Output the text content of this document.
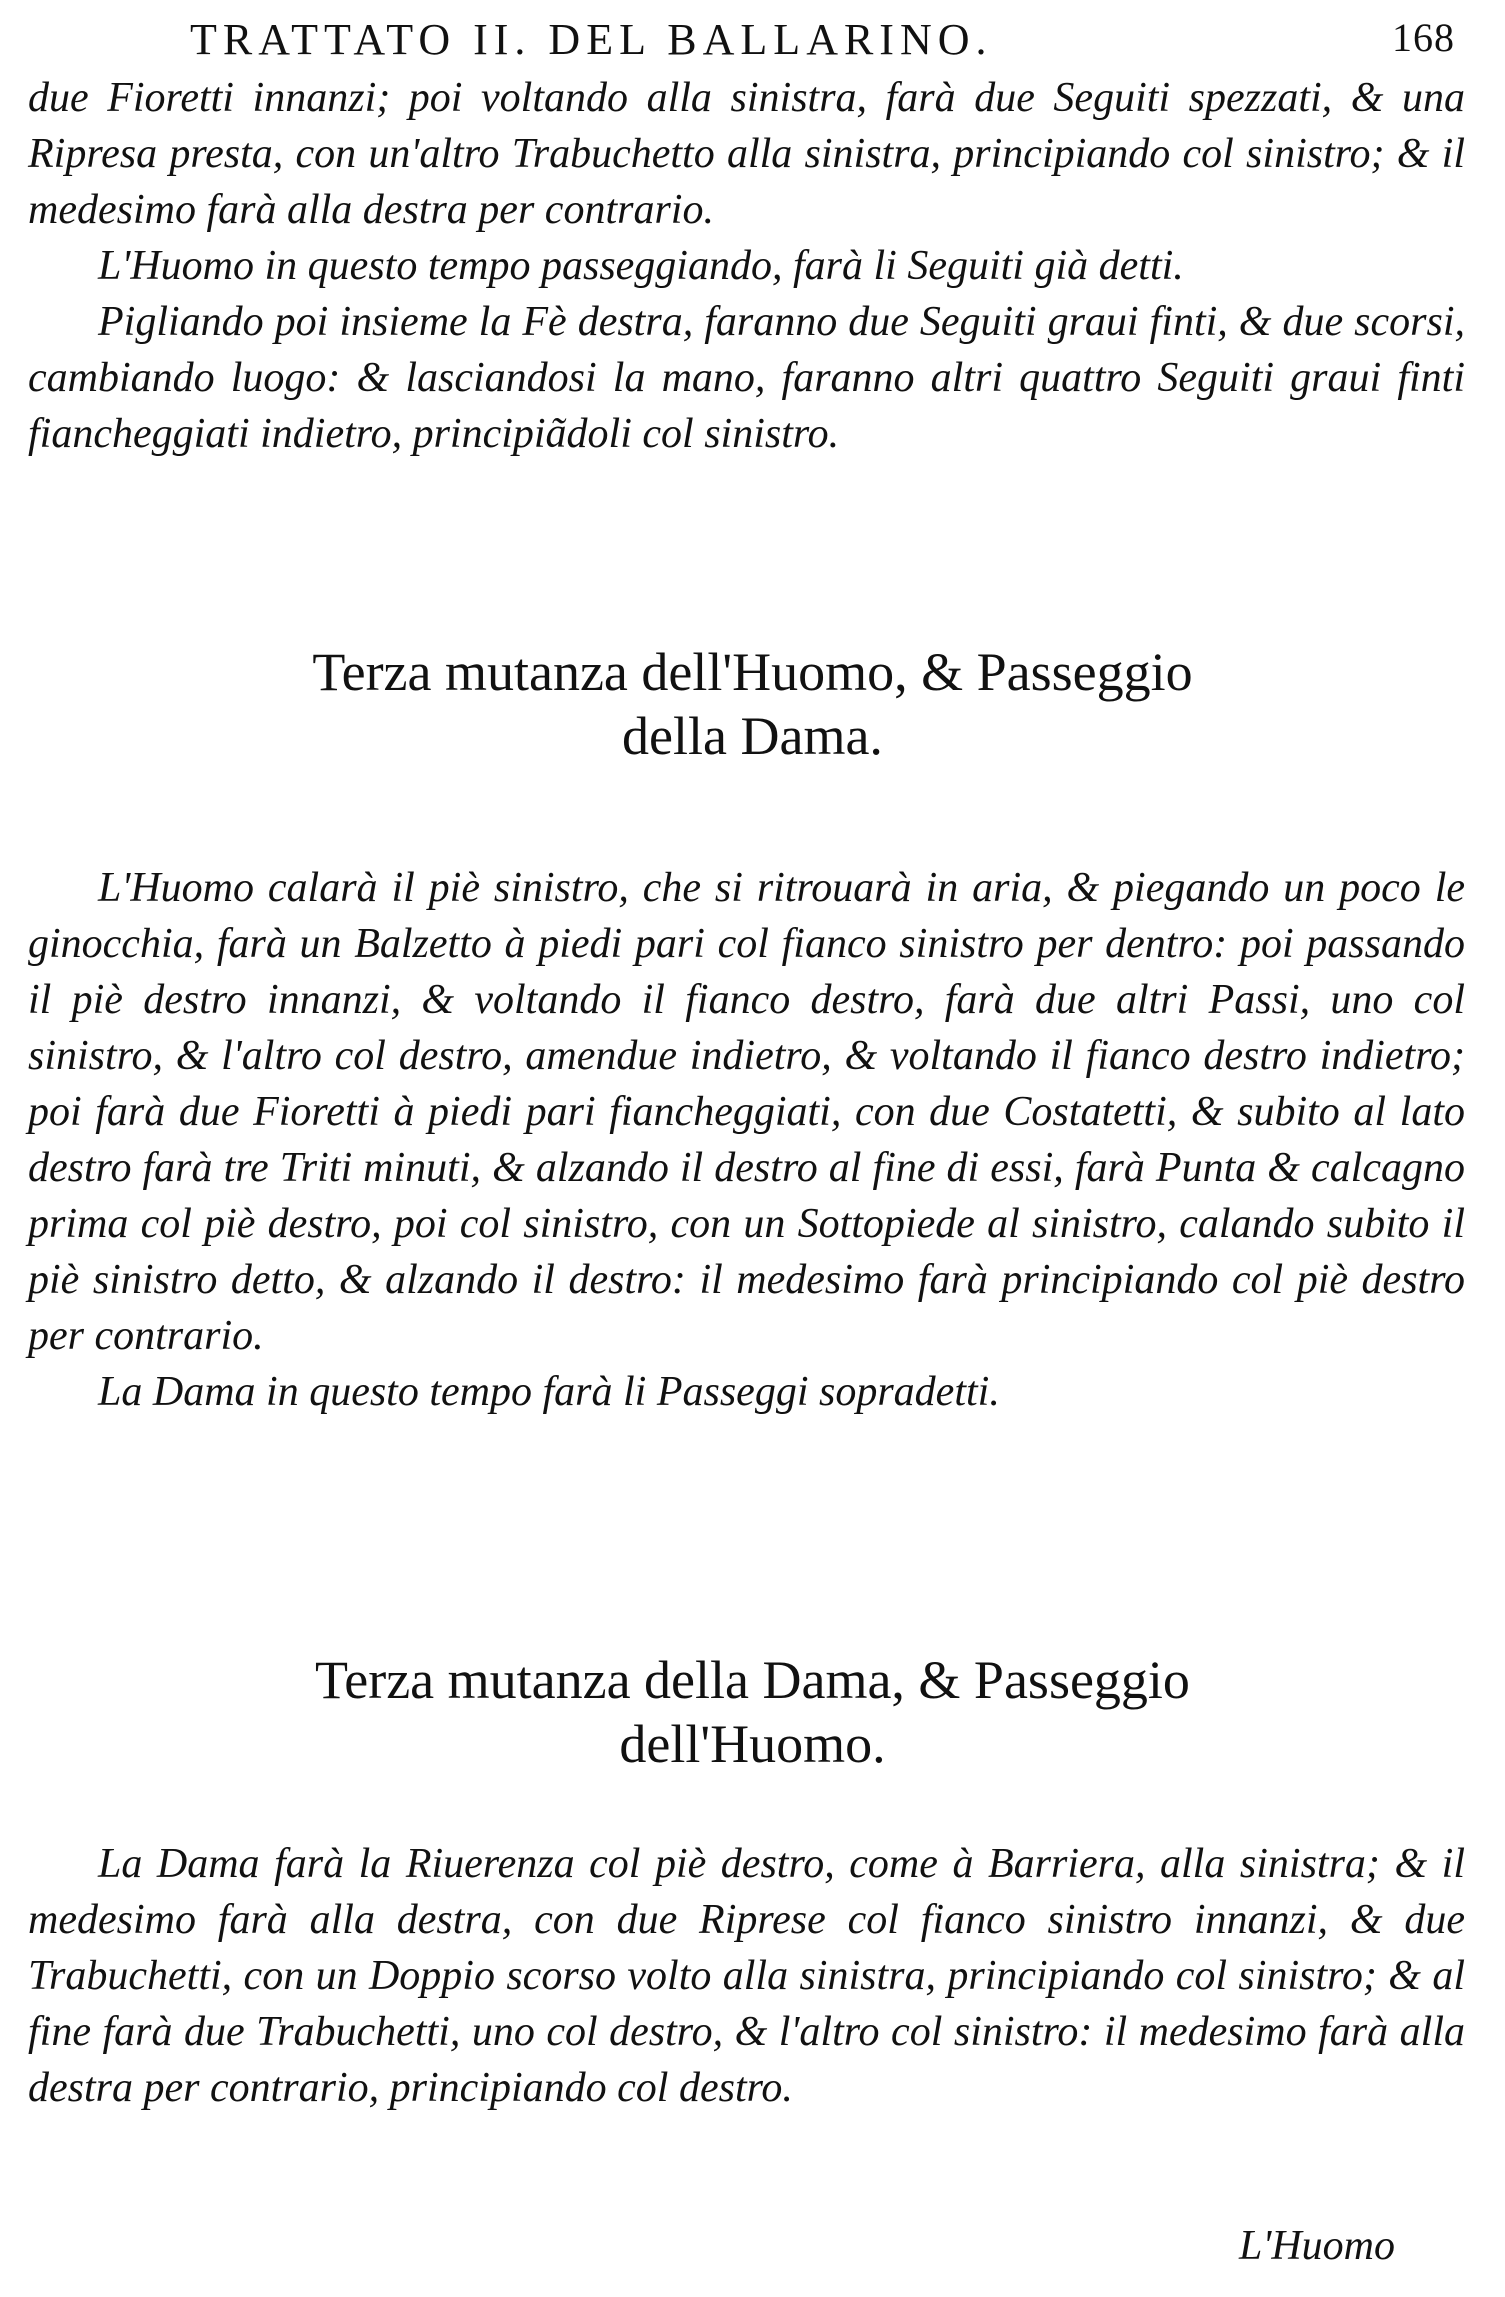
TRATTATO II. DEL BALLARINO.	168

due Fioretti innanzi; poi voltando alla sinistra, farà due Seguiti spezzati, & una Ripresa presta, con un'altro Trabuchetto alla sinistra, principiando col sinistro; & il medesimo farà alla destra per contrario.

L'Huomo in questo tempo passeggiando, farà li Seguiti già detti.

Pigliando poi insieme la Fè destra, faranno due Seguiti graui finti, & due scorsi, cambiando luogo: & lasciandosi la mano, faranno altri quattro Seguiti graui finti fiancheggiati indietro, principiãdoli col sinistro.

Terza mutanza dell'Huomo, & Passeggio
della Dama.

L'Huomo calarà il piè sinistro, che si ritrouarà in aria, & piegando un poco le ginocchia, farà un Balzetto à piedi pari col fianco sinistro per dentro: poi passando il piè destro innanzi, & voltando il fianco destro, farà due altri Passi, uno col sinistro, & l'altro col destro, amendue indietro, & voltando il fianco destro indietro; poi farà due Fioretti à piedi pari fiancheggiati, con due Costatetti, & subito al lato destro farà tre Triti minuti, & alzando il destro al fine di essi, farà Punta & calcagno prima col piè destro, poi col sinistro, con un Sottopiede al sinistro, calando subito il piè sinistro detto, & alzando il destro: il medesimo farà principiando col piè destro per contrario.

La Dama in questo tempo farà li Passeggi sopradetti.

Terza mutanza della Dama, & Passeggio
dell'Huomo.

La Dama farà la Riuerenza col piè destro, come à Barriera, alla sinistra; & il medesimo farà alla destra, con due Riprese col fianco sinistro innanzi, & due Trabuchetti, con un Doppio scorso volto alla sinistra, principiando col sinistro; & al fine farà due Trabuchetti, uno col destro, & l'altro col sinistro: il medesimo farà alla destra per contrario, principiando col destro.

L'Huomo
